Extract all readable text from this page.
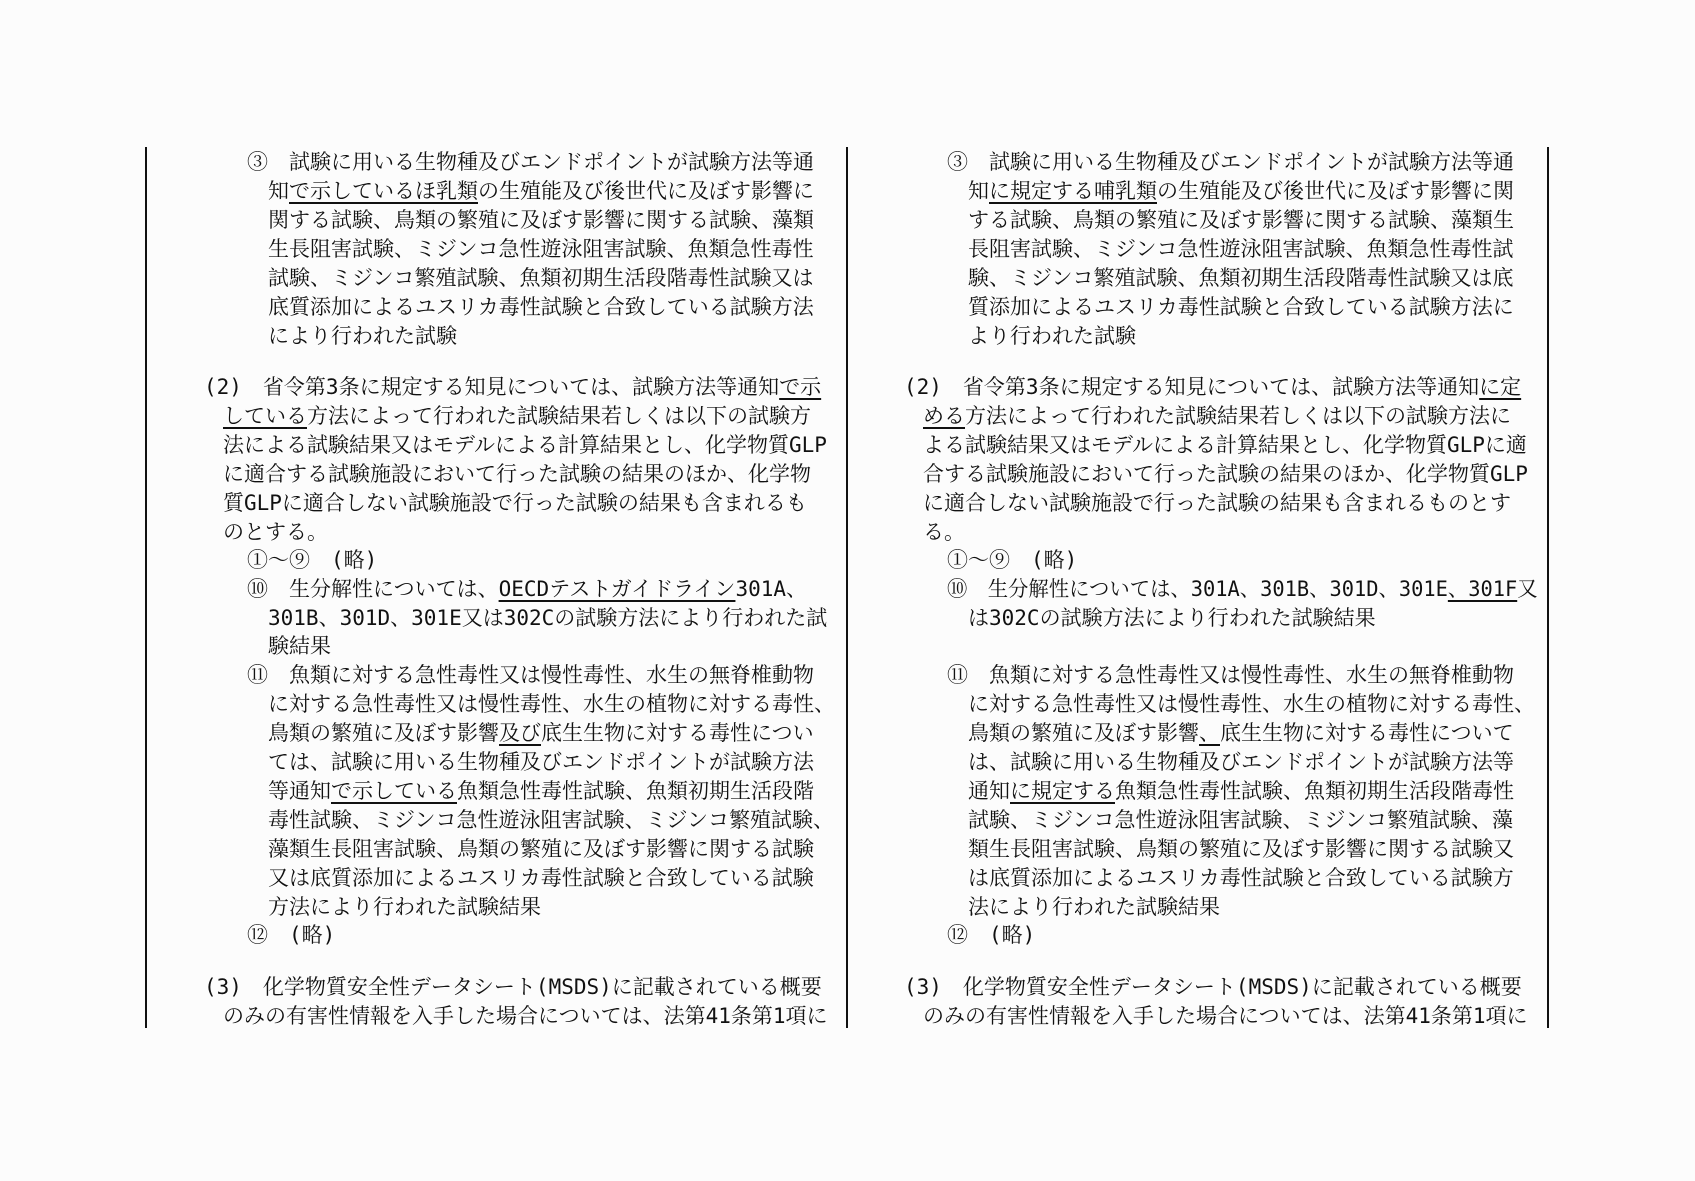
③　試験に用いる生物種及びエンドポイントが試験方法等通
知で示しているほ乳類の生殖能及び後世代に及ぼす影響に
関する試験、鳥類の繁殖に及ぼす影響に関する試験、藻類
生長阻害試験、ミジンコ急性遊泳阻害試験、魚類急性毒性
試験、ミジンコ繁殖試験、魚類初期生活段階毒性試験又は
底質添加によるユスリカ毒性試験と合致している試験方法
により行われた試験
(2)　省令第3条に規定する知見については、試験方法等通知で示
している方法によって行われた試験結果若しくは以下の試験方
法による試験結果又はモデルによる計算結果とし、化学物質GLP
に適合する試験施設において行った試験の結果のほか、化学物
質GLPに適合しない試験施設で行った試験の結果も含まれるも
のとする。
①～⑨　(略)
⑩　生分解性については、OECDテストガイドライン301A、
301B、301D、301E又は302Cの試験方法により行われた試
験結果
⑪　魚類に対する急性毒性又は慢性毒性、水生の無脊椎動物
に対する急性毒性又は慢性毒性、水生の植物に対する毒性、
鳥類の繁殖に及ぼす影響及び底生生物に対する毒性につい
ては、試験に用いる生物種及びエンドポイントが試験方法
等通知で示している魚類急性毒性試験、魚類初期生活段階
毒性試験、ミジンコ急性遊泳阻害試験、ミジンコ繁殖試験、
藻類生長阻害試験、鳥類の繁殖に及ぼす影響に関する試験
又は底質添加によるユスリカ毒性試験と合致している試験
方法により行われた試験結果
⑫　(略)
(3)　化学物質安全性データシート(MSDS)に記載されている概要
のみの有害性情報を入手した場合については、法第41条第1項に
③　試験に用いる生物種及びエンドポイントが試験方法等通
知に規定する哺乳類の生殖能及び後世代に及ぼす影響に関
する試験、鳥類の繁殖に及ぼす影響に関する試験、藻類生
長阻害試験、ミジンコ急性遊泳阻害試験、魚類急性毒性試
験、ミジンコ繁殖試験、魚類初期生活段階毒性試験又は底
質添加によるユスリカ毒性試験と合致している試験方法に
より行われた試験
(2)　省令第3条に規定する知見については、試験方法等通知に定
める方法によって行われた試験結果若しくは以下の試験方法に
よる試験結果又はモデルによる計算結果とし、化学物質GLPに適
合する試験施設において行った試験の結果のほか、化学物質GLP
に適合しない試験施設で行った試験の結果も含まれるものとす
る。
①～⑨　(略)
⑩　生分解性については、301A、301B、301D、301E、301F又
は302Cの試験方法により行われた試験結果
⑪　魚類に対する急性毒性又は慢性毒性、水生の無脊椎動物
に対する急性毒性又は慢性毒性、水生の植物に対する毒性、
鳥類の繁殖に及ぼす影響、底生生物に対する毒性について
は、試験に用いる生物種及びエンドポイントが試験方法等
通知に規定する魚類急性毒性試験、魚類初期生活段階毒性
試験、ミジンコ急性遊泳阻害試験、ミジンコ繁殖試験、藻
類生長阻害試験、鳥類の繁殖に及ぼす影響に関する試験又
は底質添加によるユスリカ毒性試験と合致している試験方
法により行われた試験結果
⑫　(略)
(3)　化学物質安全性データシート(MSDS)に記載されている概要
のみの有害性情報を入手した場合については、法第41条第1項に
